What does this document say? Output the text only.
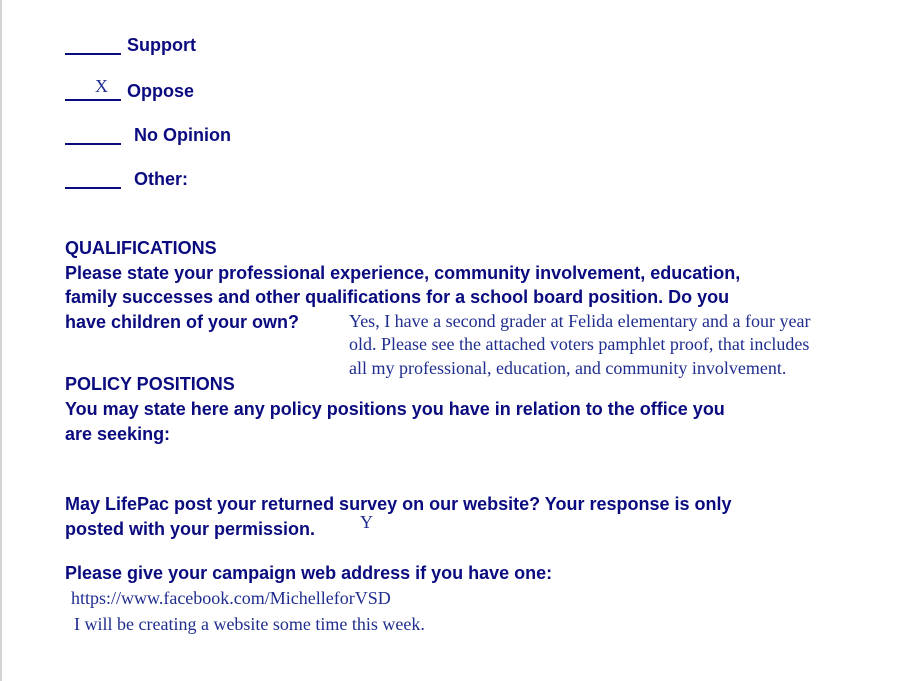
Support
X Oppose
No Opinion
Other:
QUALIFICATIONS
Please state your professional experience, community involvement, education,
family successes and other qualifications for a school board position. Do you
have children of your own?	Yes, I have a second grader at Felida elementary and a four year
old. Please see the attached voters pamphlet proof, that includes
all my professional, education, and community involvement.
POLICY POSITIONS
You may state here any policy positions you have in relation to the office you
are seeking:
May LifePac post your returned survey on our website? Your response is only
posted with your permission. Y
Please give your campaign web address if you have one:
https://www.facebook.com/MichelleforVSD
I will be creating a website some time this week.
